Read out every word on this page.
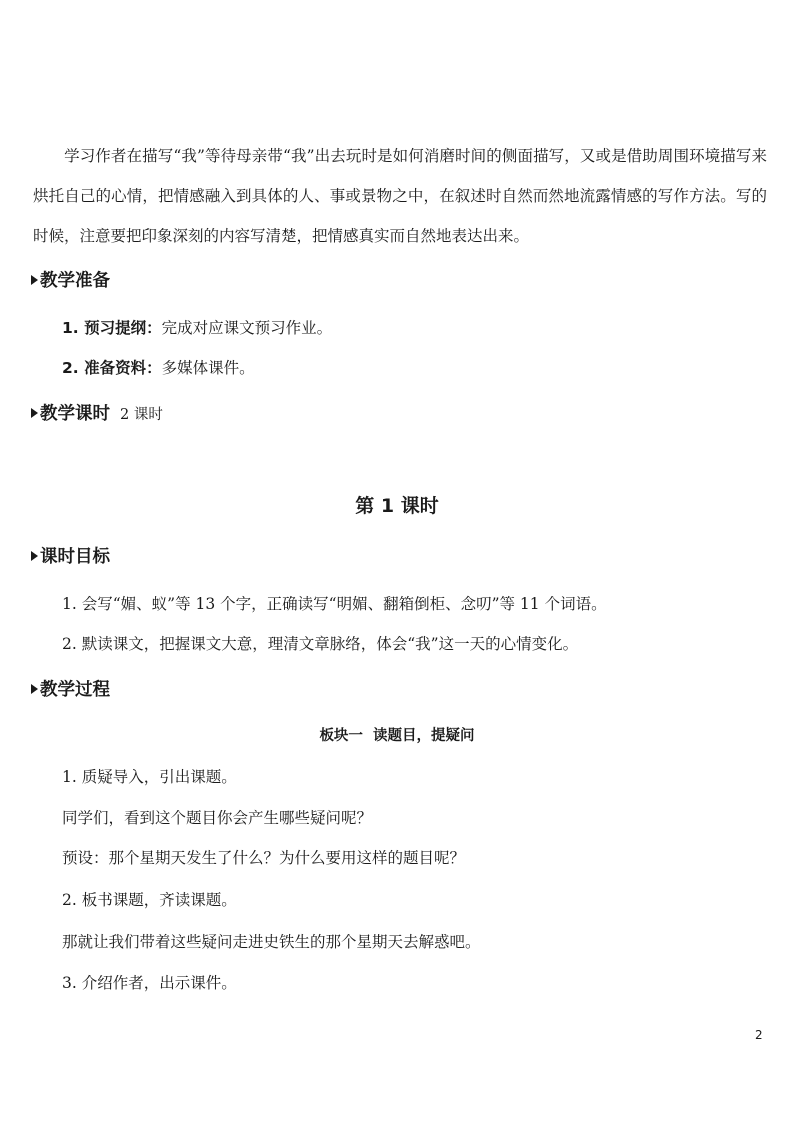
学习作者在描写“我”等待母亲带“我”出去玩时是如何消磨时间的侧面描写，又或是借助周围环境描写来烘托自己的心情，把情感融入到具体的人、事或景物之中，在叙述时自然而然地流露情感的写作方法。写的时候，注意要把印象深刻的内容写清楚，把情感真实而自然地表达出来。
教学准备
1. 预习提纲：完成对应课文预习作业。
2. 准备资料：多媒体课件。
教学课时 2 课时
第 1 课时
课时目标
1. 会写“媚、蚁”等 13 个字，正确读写“明媚、翻箱倒柜、念叨”等 11 个词语。
2. 默读课文，把握课文大意，理清文章脉络，体会“我”这一天的心情变化。
教学过程
板块一  读题目，提疑问
1. 质疑导入，引出课题。
同学们，看到这个题目你会产生哪些疑问呢？
预设：那个星期天发生了什么？为什么要用这样的题目呢？
2. 板书课题，齐读课题。
那就让我们带着这些疑问走进史铁生的那个星期天去解惑吧。
3. 介绍作者，出示课件。
2
